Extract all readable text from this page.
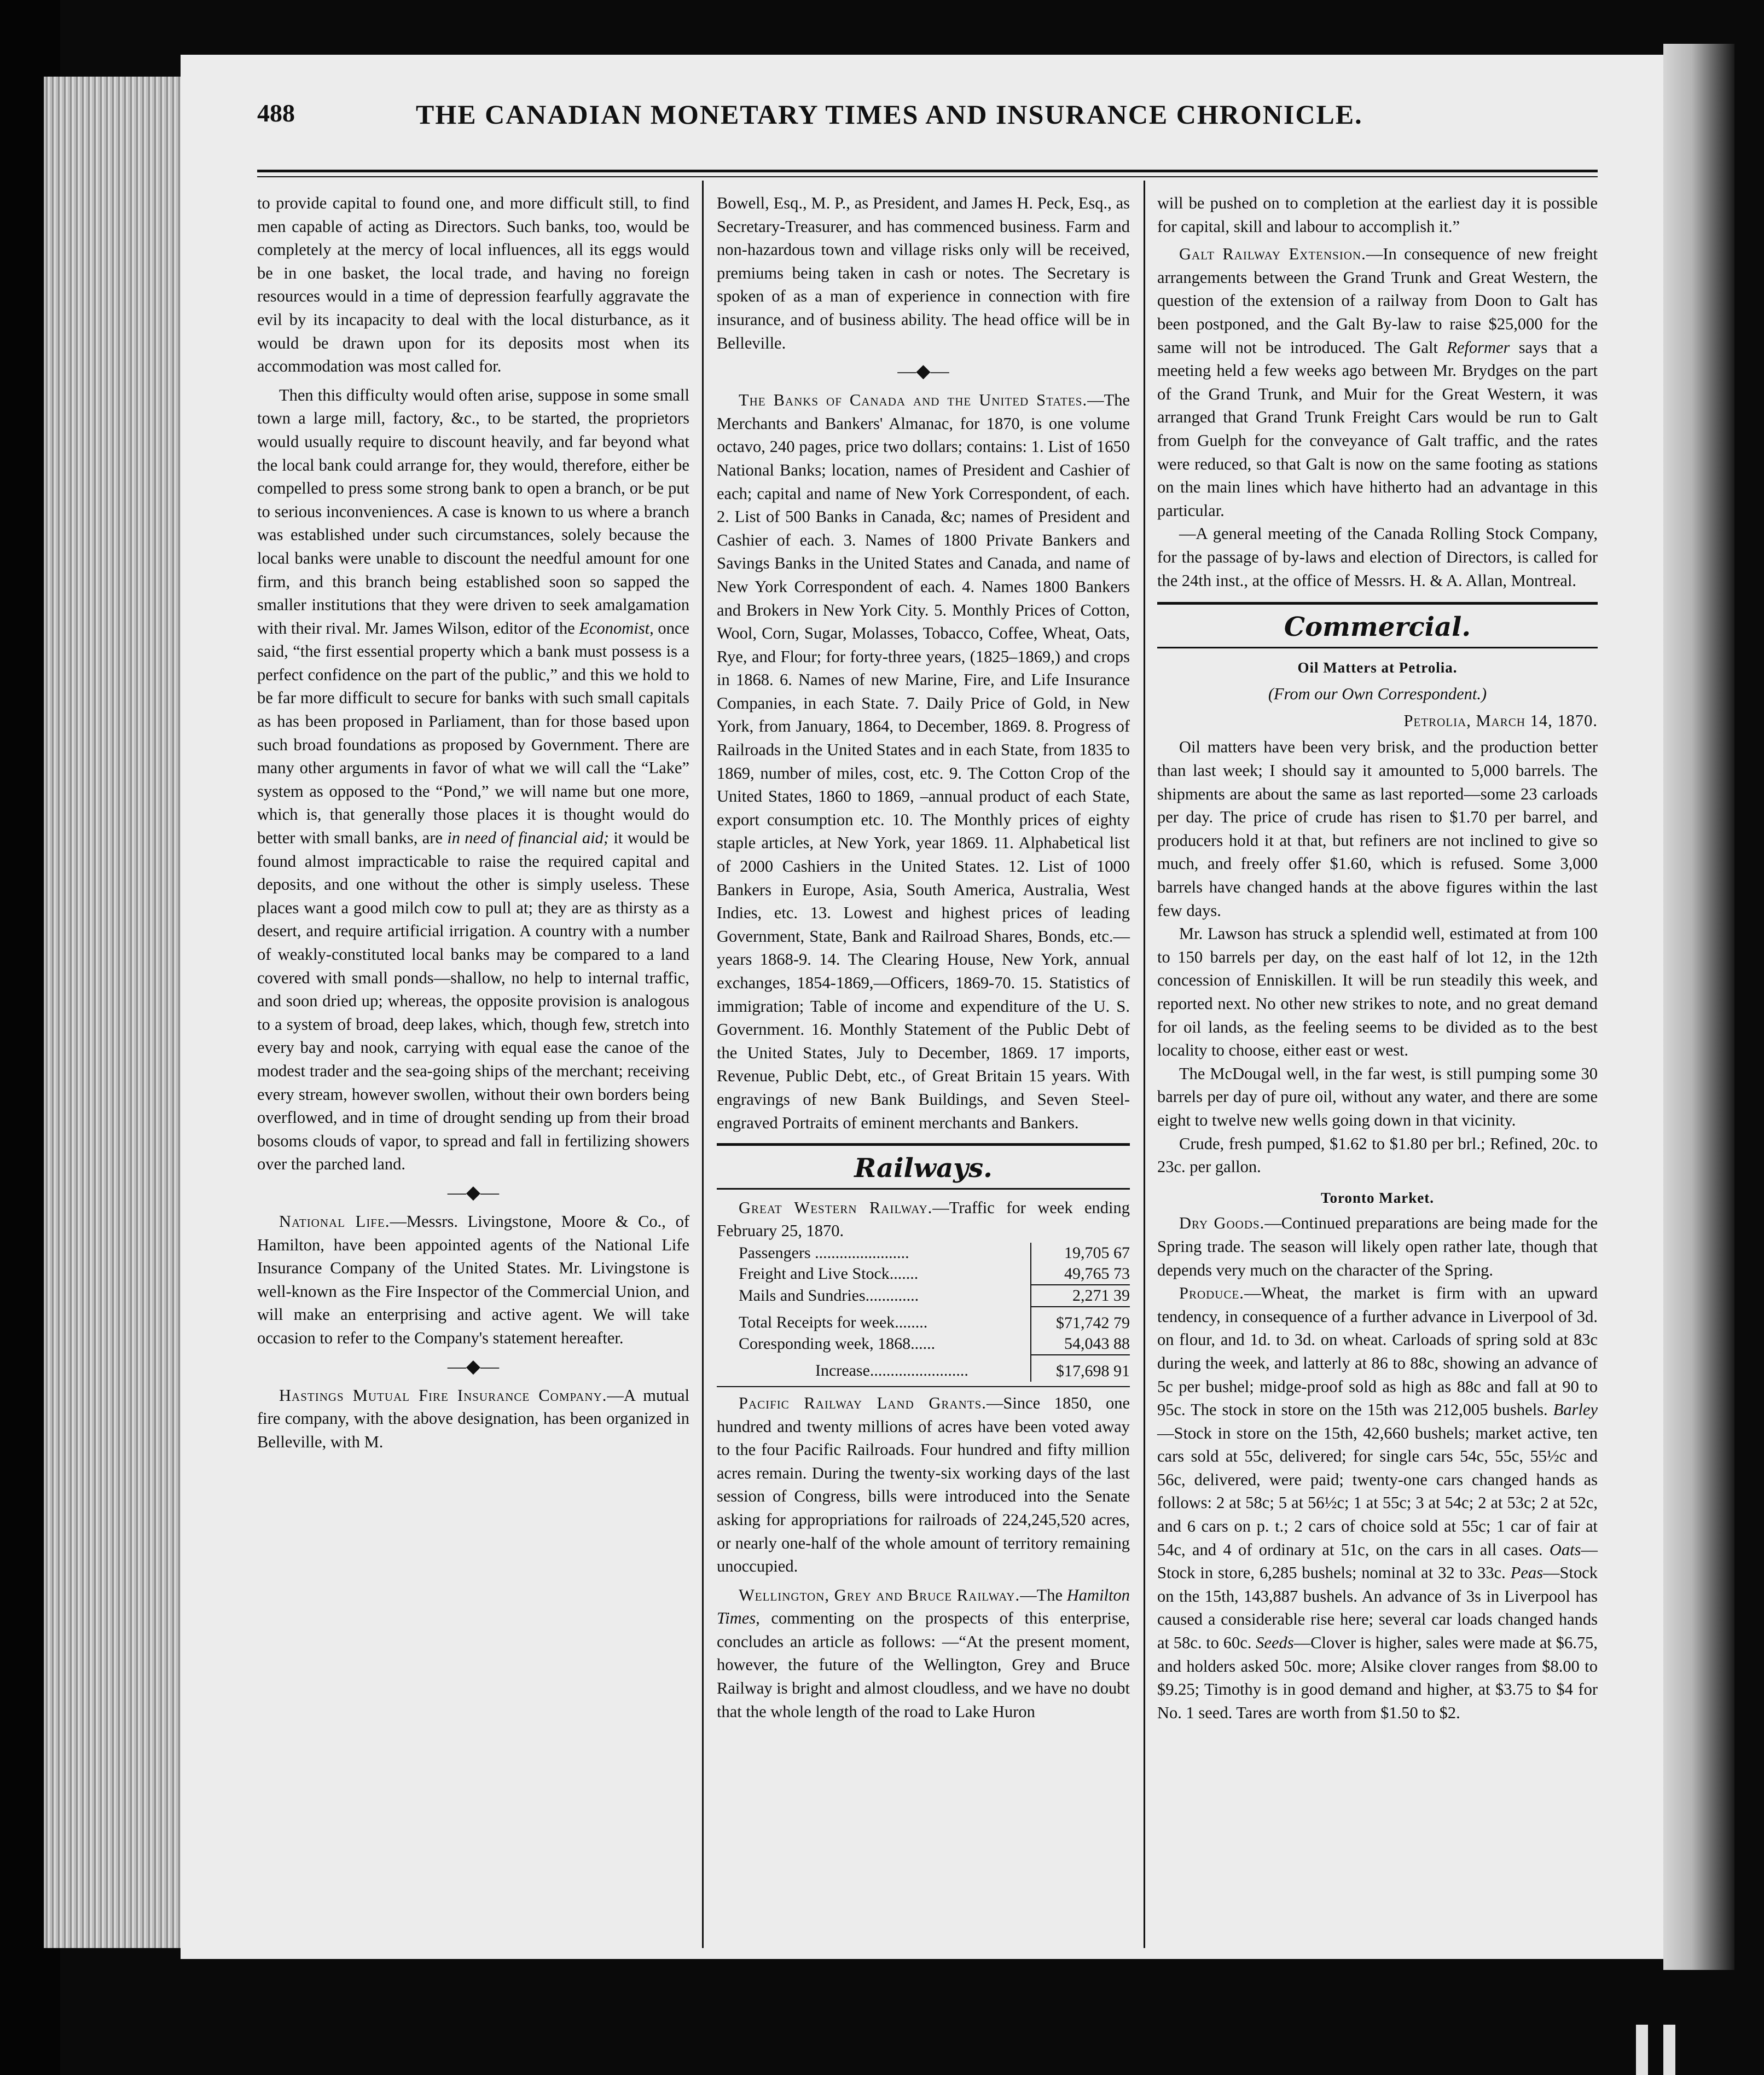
488	THE CANADIAN MONETARY TIMES AND INSURANCE CHRONICLE.

to provide capital to found one, and more difficult still, to find men capable of acting as Directors. Such banks, too, would be completely at the mercy of local influences, all its eggs would be in one basket, the local trade, and having no foreign resources would in a time of depression fearfully aggravate the evil by its incapacity to deal with the local disturbance, as it would be drawn upon for its deposits most when its accommodation was most called for.

Then this difficulty would often arise, suppose in some small town a large mill, factory, &c., to be started, the proprietors would usually require to discount heavily, and far beyond what the local bank could arrange for, they would, therefore, either be compelled to press some strong bank to open a branch, or be put to serious inconveniences. A case is known to us where a branch was established under such circumstances, solely because the local banks were unable to discount the needful amount for one firm, and this branch being established soon so sapped the smaller institutions that they were driven to seek amalgamation with their rival. Mr. James Wilson, editor of the Economist, once said, “the first essential property which a bank must possess is a perfect confidence on the part of the public,” and this we hold to be far more difficult to secure for banks with such small capitals as has been proposed in Parliament, than for those based upon such broad foundations as proposed by Government. There are many other arguments in favor of what we will call the “Lake” system as opposed to the “Pond,” we will name but one more, which is, that generally those places it is thought would do better with small banks, are in need of financial aid; it would be found almost impracticable to raise the required capital and deposits, and one without the other is simply useless. These places want a good milch cow to pull at; they are as thirsty as a desert, and require artificial irrigation. A country with a number of weakly-constituted local banks may be compared to a land covered with small ponds—shallow, no help to internal traffic, and soon dried up; whereas, the opposite provision is analogous to a system of broad, deep lakes, which, though few, stretch into every bay and nook, carrying with equal ease the canoe of the modest trader and the sea-going ships of the merchant; receiving every stream, however swollen, without their own borders being overflowed, and in time of drought sending up from their broad bosoms clouds of vapor, to spread and fall in fertilizing showers over the parched land.

—◆—

National Life.—Messrs. Livingstone, Moore & Co., of Hamilton, have been appointed agents of the National Life Insurance Company of the United States. Mr. Livingstone is well-known as the Fire Inspector of the Commercial Union, and will make an enterprising and active agent. We will take occasion to refer to the Company's statement hereafter.

—◆—

Hastings Mutual Fire Insurance Company.—A mutual fire company, with the above designation, has been organized in Belleville, with M.

Bowell, Esq., M. P., as President, and James H. Peck, Esq., as Secretary-Treasurer, and has commenced business. Farm and non-hazardous town and village risks only will be received, premiums being taken in cash or notes. The Secretary is spoken of as a man of experience in connection with fire insurance, and of business ability. The head office will be in Belleville.

—◆—

The Banks of Canada and the United States.—The Merchants and Bankers' Almanac, for 1870, is one volume octavo, 240 pages, price two dollars; contains: 1. List of 1650 National Banks; location, names of President and Cashier of each; capital and name of New York Correspondent, of each. 2. List of 500 Banks in Canada, &c; names of President and Cashier of each. 3. Names of 1800 Private Bankers and Savings Banks in the United States and Canada, and name of New York Correspondent of each. 4. Names 1800 Bankers and Brokers in New York City. 5. Monthly Prices of Cotton, Wool, Corn, Sugar, Molasses, Tobacco, Coffee, Wheat, Oats, Rye, and Flour; for forty-three years, (1825–1869,) and crops in 1868. 6. Names of new Marine, Fire, and Life Insurance Companies, in each State. 7. Daily Price of Gold, in New York, from January, 1864, to December, 1869. 8. Progress of Railroads in the United States and in each State, from 1835 to 1869, number of miles, cost, etc. 9. The Cotton Crop of the United States, 1860 to 1869, –annual product of each State, export consumption etc. 10. The Monthly prices of eighty staple articles, at New York, year 1869. 11. Alphabetical list of 2000 Cashiers in the United States. 12. List of 1000 Bankers in Europe, Asia, South America, Australia, West Indies, etc. 13. Lowest and highest prices of leading Government, State, Bank and Railroad Shares, Bonds, etc.—years 1868-9. 14. The Clearing House, New York, annual exchanges, 1854-1869,—Officers, 1869-70. 15. Statistics of immigration; Table of income and expenditure of the U. S. Government. 16. Monthly Statement of the Public Debt of the United States, July to December, 1869. 17 imports, Revenue, Public Debt, etc., of Great Britain 15 years. With engravings of new Bank Buildings, and Seven Steel-engraved Portraits of eminent merchants and Bankers.

Railways.

Great Western Railway.—Traffic for week ending February 25, 1870.

Passengers .......................	19,705 67
Freight and Live Stock.......	49,765 73
Mails and Sundries.............	2,271 39
Total Receipts for week........	$71,742 79
Coresponding week, 1868......	54,043 88
Increase........................	$17,698 91

Pacific Railway Land Grants.—Since 1850, one hundred and twenty millions of acres have been voted away to the four Pacific Railroads. Four hundred and fifty million acres remain. During the twenty-six working days of the last session of Congress, bills were introduced into the Senate asking for appropriations for railroads of 224,245,520 acres, or nearly one-half of the whole amount of territory remaining unoccupied.

Wellington, Grey and Bruce Railway.—The Hamilton Times, commenting on the prospects of this enterprise, concludes an article as follows: —“At the present moment, however, the future of the Wellington, Grey and Bruce Railway is bright and almost cloudless, and we have no doubt that the whole length of the road to Lake Huron

will be pushed on to completion at the earliest day it is possible for capital, skill and labour to accomplish it.”

Galt Railway Extension.—In consequence of new freight arrangements between the Grand Trunk and Great Western, the question of the extension of a railway from Doon to Galt has been postponed, and the Galt By-law to raise $25,000 for the same will not be introduced. The Galt Reformer says that a meeting held a few weeks ago between Mr. Brydges on the part of the Grand Trunk, and Muir for the Great Western, it was arranged that Grand Trunk Freight Cars would be run to Galt from Guelph for the conveyance of Galt traffic, and the rates were reduced, so that Galt is now on the same footing as stations on the main lines which have hitherto had an advantage in this particular.

—A general meeting of the Canada Rolling Stock Company, for the passage of by-laws and election of Directors, is called for the 24th inst., at the office of Messrs. H. & A. Allan, Montreal.

Commercial.
Oil Matters at Petrolia.
(From our Own Correspondent.)
Petrolia, March 14, 1870.

Oil matters have been very brisk, and the production better than last week; I should say it amounted to 5,000 barrels. The shipments are about the same as last reported—some 23 carloads per day. The price of crude has risen to $1.70 per barrel, and producers hold it at that, but refiners are not inclined to give so much, and freely offer $1.60, which is refused. Some 3,000 barrels have changed hands at the above figures within the last few days.

Mr. Lawson has struck a splendid well, estimated at from 100 to 150 barrels per day, on the east half of lot 12, in the 12th concession of Enniskillen. It will be run steadily this week, and reported next. No other new strikes to note, and no great demand for oil lands, as the feeling seems to be divided as to the best locality to choose, either east or west.

The McDougal well, in the far west, is still pumping some 30 barrels per day of pure oil, without any water, and there are some eight to twelve new wells going down in that vicinity.

Crude, fresh pumped, $1.62 to $1.80 per brl.; Refined, 20c. to 23c. per gallon.

Toronto Market.

Dry Goods.—Continued preparations are being made for the Spring trade. The season will likely open rather late, though that depends very much on the character of the Spring.

Produce.—Wheat, the market is firm with an upward tendency, in consequence of a further advance in Liverpool of 3d. on flour, and 1d. to 3d. on wheat. Carloads of spring sold at 83c during the week, and latterly at 86 to 88c, showing an advance of 5c per bushel; midge-proof sold as high as 88c and fall at 90 to 95c. The stock in store on the 15th was 212,005 bushels. Barley—Stock in store on the 15th, 42,660 bushels; market active, ten cars sold at 55c, delivered; for single cars 54c, 55c, 55½c and 56c, delivered, were paid; twenty-one cars changed hands as follows: 2 at 58c; 5 at 56½c; 1 at 55c; 3 at 54c; 2 at 53c; 2 at 52c, and 6 cars on p. t.; 2 cars of choice sold at 55c; 1 car of fair at 54c, and 4 of ordinary at 51c, on the cars in all cases. Oats—Stock in store, 6,285 bushels; nominal at 32 to 33c. Peas—Stock on the 15th, 143,887 bushels. An advance of 3s in Liverpool has caused a considerable rise here; several car loads changed hands at 58c. to 60c. Seeds—Clover is higher, sales were made at $6.75, and holders asked 50c. more; Alsike clover ranges from $8.00 to $9.25; Timothy is in good demand and higher, at $3.75 to $4 for No. 1 seed. Tares are worth from $1.50 to $2.
